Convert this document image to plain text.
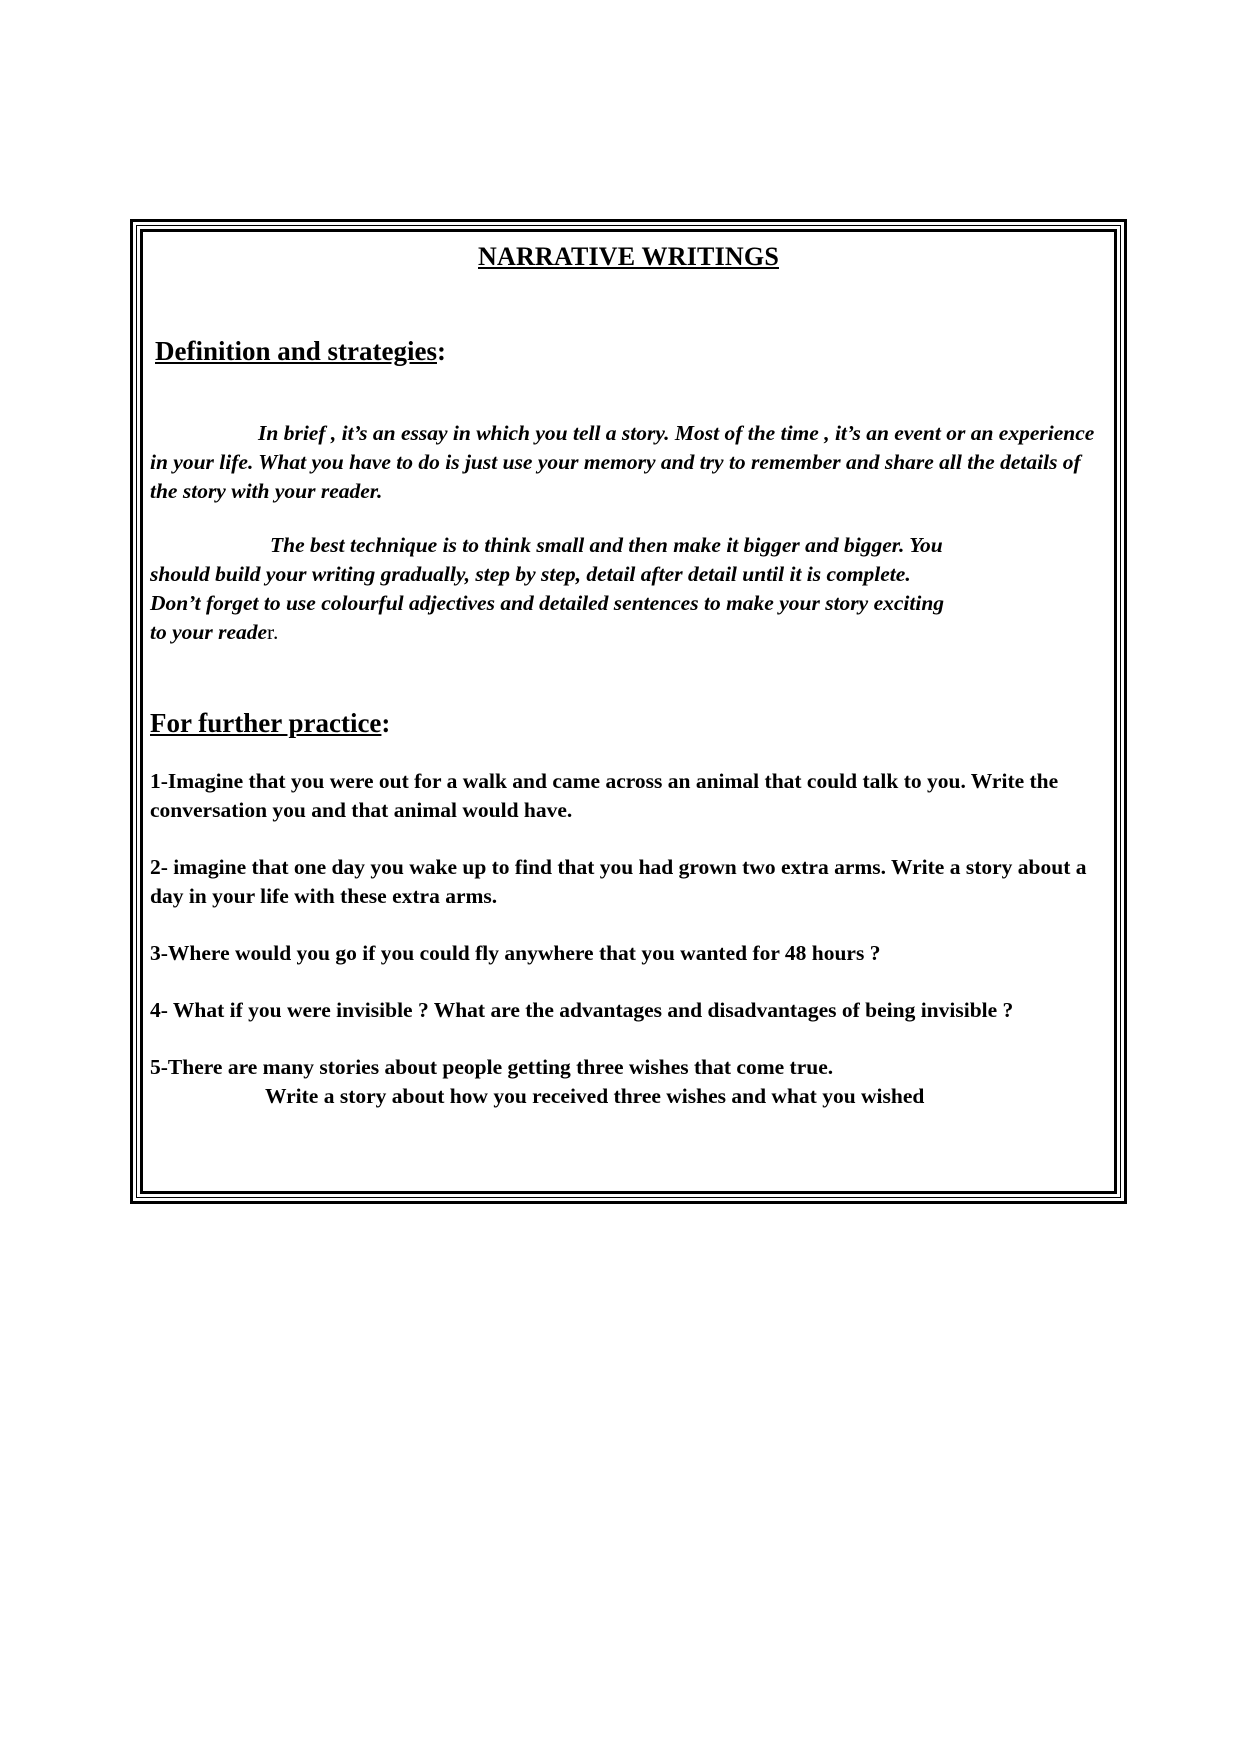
NARRATIVE WRITINGS
Definition and strategies:

In brief , it’s an essay in which you tell a story. Most of the time , it’s an event or an experience in your life. What you have to do is just use your memory and try to remember and share all the details of the story with your reader.

The best technique is to think small and then make it bigger and bigger. You
should build your writing gradually, step by step, detail after detail until it is complete.
Don’t forget to use colourful adjectives and detailed sentences to make your story exciting
to your reader.

For further practice:
1-Imagine that you were out for a walk and came across an animal that could talk to you. Write the conversation you and that animal would have.
2- imagine that one day you wake up to find that you had grown two extra arms. Write a story about a day in your life with these extra arms.
3-Where would you go if you could fly anywhere that you wanted for 48 hours ?
4- What if you were invisible ? What are the advantages and disadvantages of being invisible ?
5-There are many stories about people getting three wishes that come true.
Write a story about how you received three wishes and what you wished
